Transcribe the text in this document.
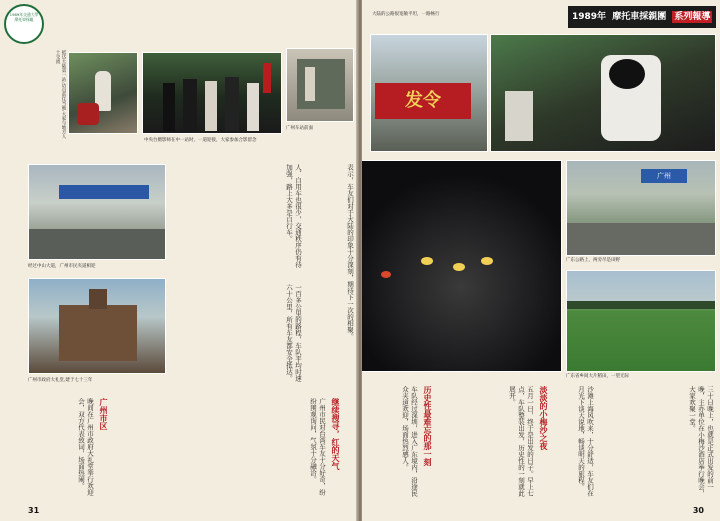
1989年交通大學
摩托車採親
抵达大陆第一站,访员前往当地,大家与地方人士交流
中央台摄影师在中一站时，一道迎接，大家参加合影留念
广州车站前面
经过中山大道，广州市民夹道相迎
广州市政府大礼堂,建于七十三年
人、自用车也很少，交通秩序仍有待加强，路上大多是自行车。
一百多公里的路程，车队平均时速六十公里，所有车友都安全抵达。	表示，车友们对于大陆的印象十分深刻，期待下一次的相聚。
广州市区
晚间在广州市政府大礼堂举行欢迎会，双方代表致词，场面热闹。	继续搜寻，红的天气
广州市民对台湾车友十分好奇，纷纷围观询问，气氛十分融洽。
31
发令
大陆的公路很宽敞平坦，一路畅行
广州
广东公路上，两旁尽是田野
广东省乡间大片稻田，一望无际
1989年 摩托車採親團 系列報導
淡淡的小梅沙之夜	三十日晚上，也就是正式出发的前一晚，主办单位在小梅沙酒店举行晚会，大家欢聚一堂。
沙滩上海风吹来，十分舒适，车友们在月光下谈天说地，畅谈明天的旅程。
历史性最难忘的那一刻	五月一日，终于是出发的日子。早上七点，车队整装出发，历史性的一刻就此展开。
车队经过深圳，进入广东境内，沿途民众夹道欢迎，场面热烈感人。
30
